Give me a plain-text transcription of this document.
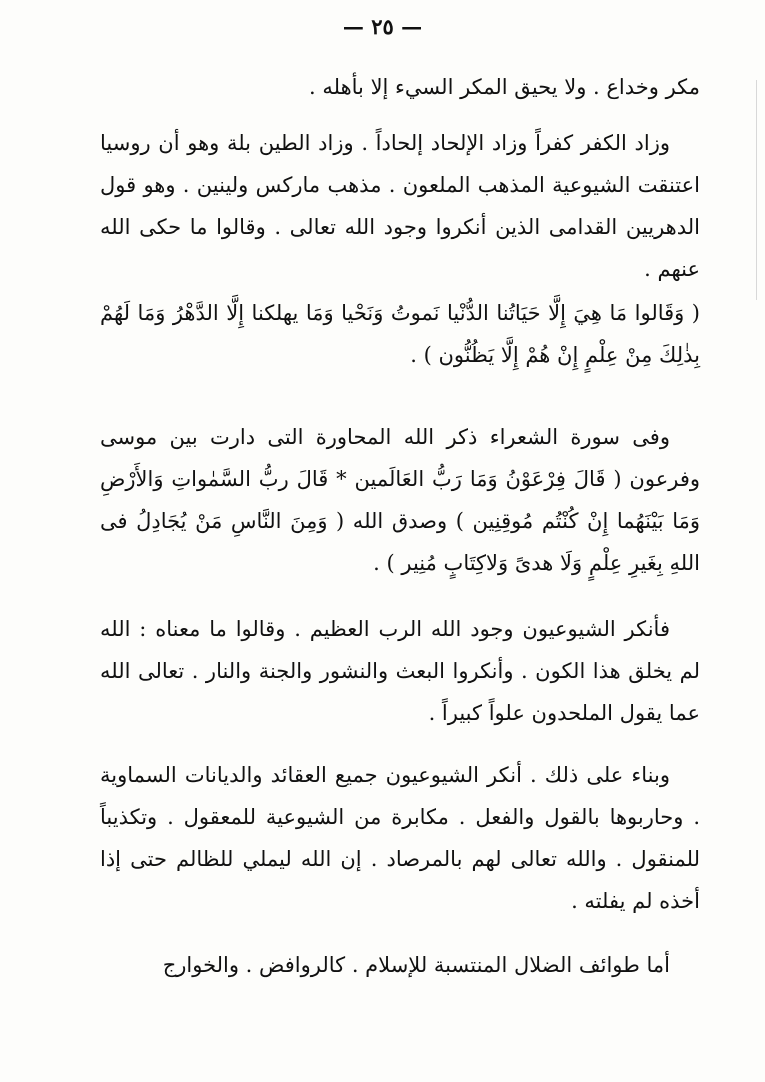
— ٢٥ —

مكر وخداع . ولا يحيق المكر السيء إلا بأهله .

وزاد الكفر كفراً وزاد الإلحاد إلحاداً . وزاد الطين بلة وهو أن روسيا اعتنقت الشيوعية المذهب الملعون . مذهب ماركس ولينين . وهو قول الدهريين القدامى الذين أنكروا وجود الله تعالى . وقالوا ما حكى الله عنهم .

( وَقَالوا مَا هِيَ إِلَّا حَيَاتُنا الدُّنْيا نَموتُ وَنَحْيا وَمَا يهلكنا إِلَّا الدَّهْرُ وَمَا لَهُمْ بِذٰلِكَ مِنْ عِلْمٍ إِنْ هُمْ إِلَّا يَظُنُّون ) .

وفى سورة الشعراء ذكر الله المحاورة التى دارت بين موسى وفرعون ( قَالَ فِرْعَوْنُ وَمَا رَبُّ العَالَمين * قَالَ ربُّ السَّمٰواتِ وَالأَرْضِ وَمَا بَيْنَهُما إِنْ كُنْتُم مُوقِنِين ) وصدق الله ( وَمِنَ النَّاسِ مَنْ يُجَادِلُ فى اللهِ بِغَيرِ عِلْمٍ وَلَا هدىً وَلاكِتَابٍ مُنِير ) .

فأنكر الشيوعيون وجود الله الرب العظيم . وقالوا ما معناه : الله لم يخلق هذا الكون . وأنكروا البعث والنشور والجنة والنار . تعالى الله عما يقول الملحدون علواً كبيراً .

وبناء على ذلك . أنكر الشيوعيون جميع العقائد والديانات السماوية . وحاربوها بالقول والفعل . مكابرة من الشيوعية للمعقول . وتكذيباً للمنقول . والله تعالى لهم بالمرصاد . إن الله ليملي للظالم حتى إذا أخذه لم يفلته .

أما طوائف الضلال المنتسبة للإسلام . كالروافض . والخوارج
